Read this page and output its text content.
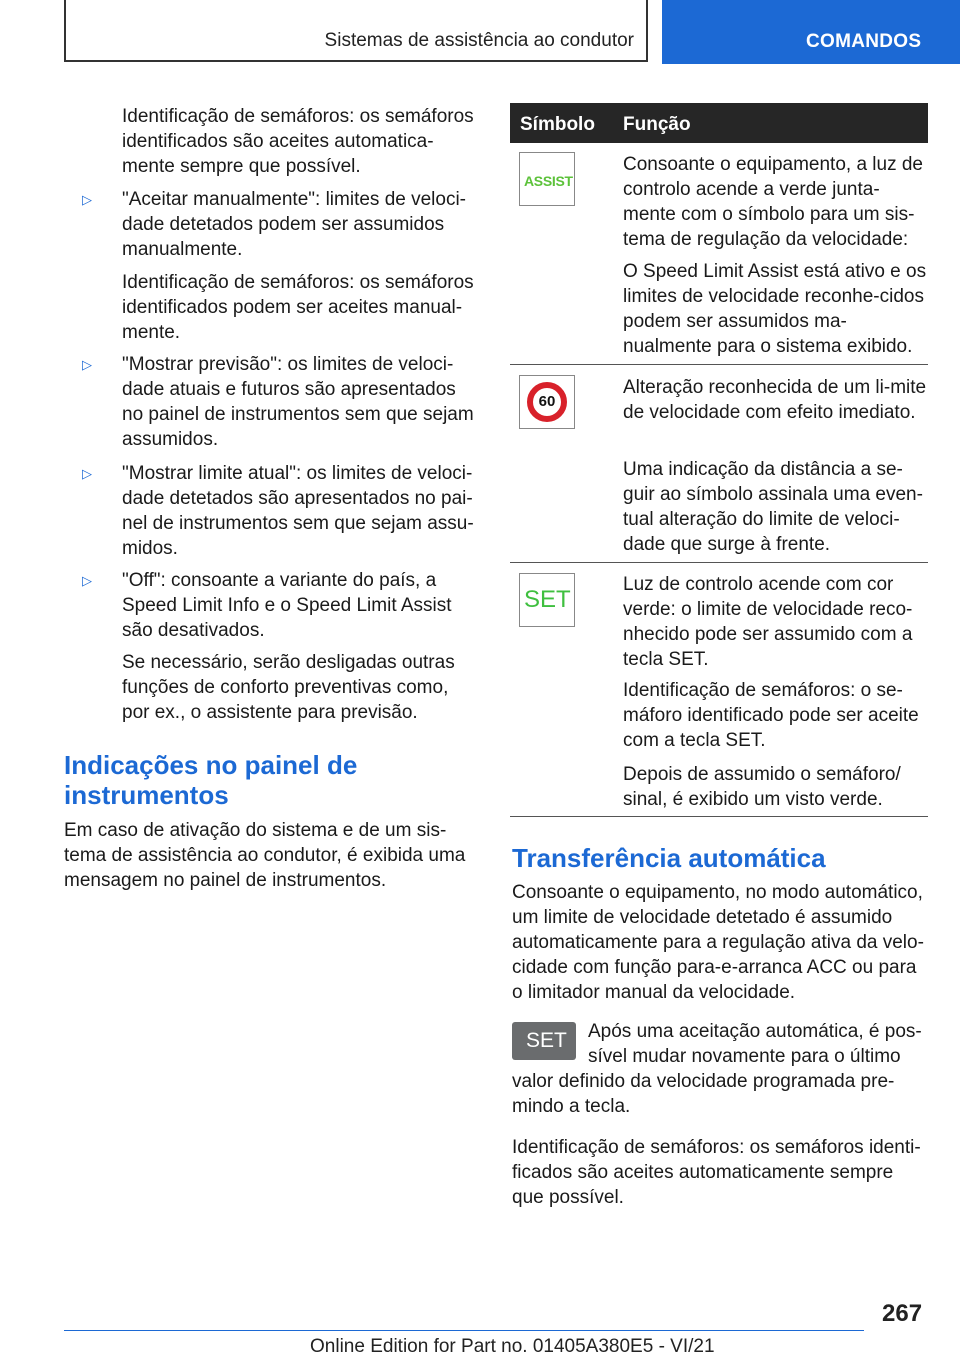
Sistemas de assistência ao condutor	COMANDOS

Identificação de semáforos: os semáforos identificados são aceites automatica-mente sempre que possível.

▷ "Aceitar manualmente": limites de veloci-dade detetados podem ser assumidos manualmente.

Identificação de semáforos: os semáforos identificados podem ser aceites manual-mente.

▷ "Mostrar previsão": os limites de veloci-dade atuais e futuros são apresentados no painel de instrumentos sem que sejam assumidos.

▷ "Mostrar limite atual": os limites de veloci-dade detetados são apresentados no pai-nel de instrumentos sem que sejam assu-midos.

▷ "Off": consoante a variante do país, a Speed Limit Info e o Speed Limit Assist são desativados.

Se necessário, serão desligadas outras funções de conforto preventivas como, por ex., o assistente para previsão.

Indicações no painel de instrumentos

Em caso de ativação do sistema e de um sis-tema de assistência ao condutor, é exibida uma mensagem no painel de instrumentos.

Símbolo Função
ASSIST

Consoante o equipamento, a luz de controlo acende a verde junta-mente com o símbolo para um sis-tema de regulação da velocidade:

O Speed Limit Assist está ativo e os limites de velocidade reconhe-cidos podem ser assumidos ma-nualmente para o sistema exibido.

60

Alteração reconhecida de um li-mite de velocidade com efeito imediato.

Uma indicação da distância a se-guir ao símbolo assinala uma even-tual alteração do limite de veloci-dade que surge à frente.

SET

Luz de controlo acende com cor verde: o limite de velocidade reco-nhecido pode ser assumido com a tecla SET.

Identificação de semáforos: o se-máforo identificado pode ser aceite com a tecla SET.

Depois de assumido o semáforo/ sinal, é exibido um visto verde.

Transferência automática

Consoante o equipamento, no modo automático, um limite de velocidade detetado é assumido automaticamente para a regulação ativa da velo-cidade com função para-e-arranca ACC ou para o limitador manual da velocidade.

SET Após uma aceitação automática, é pos-

sível mudar novamente para o último

valor definido da velocidade programada pre-mindo a tecla.

Identificação de semáforos: os semáforos identi-ficados são aceites automaticamente sempre que possível.

267
Online Edition for Part no. 01405A380E5 - VI/21
